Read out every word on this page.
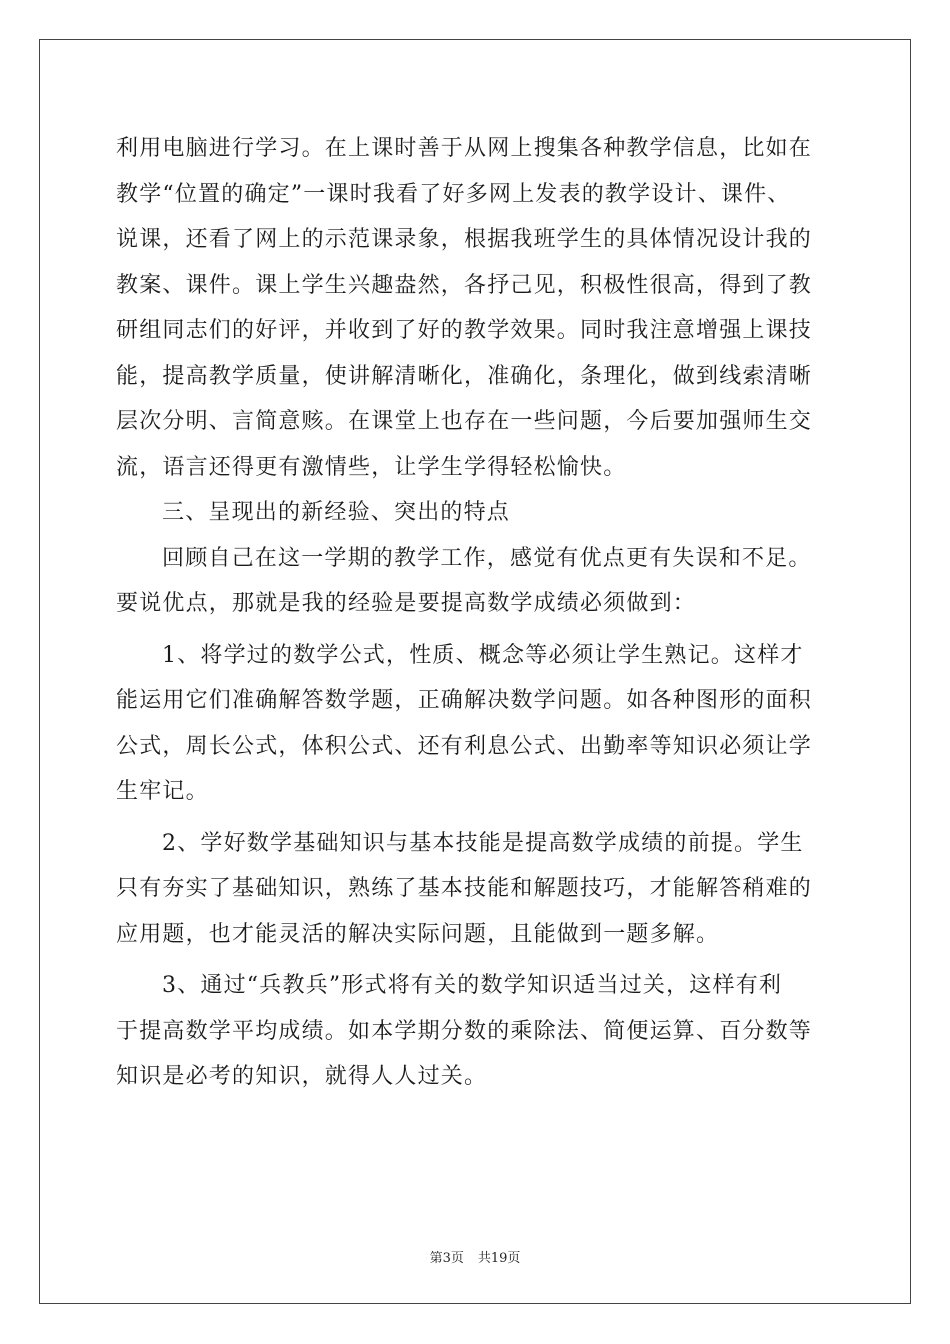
利用电脑进行学习。在上课时善于从网上搜集各种教学信息，比如在
教学“位置的确定”一课时我看了好多网上发表的教学设计、课件、
说课，还看了网上的示范课录象，根据我班学生的具体情况设计我的
教案、课件。课上学生兴趣盎然，各抒己见，积极性很高，得到了教
研组同志们的好评，并收到了好的教学效果。同时我注意增强上课技
能，提高教学质量，使讲解清晰化，准确化，条理化，做到线索清晰
层次分明、言简意赅。在课堂上也存在一些问题，今后要加强师生交
流，语言还得更有激情些，让学生学得轻松愉快。
三、呈现出的新经验、突出的特点
回顾自己在这一学期的教学工作，感觉有优点更有失误和不足。
要说优点，那就是我的经验是要提高数学成绩必须做到：
1、将学过的数学公式，性质、概念等必须让学生熟记。这样才
能运用它们准确解答数学题，正确解决数学问题。如各种图形的面积
公式，周长公式，体积公式、还有利息公式、出勤率等知识必须让学
生牢记。
2、学好数学基础知识与基本技能是提高数学成绩的前提。学生
只有夯实了基础知识，熟练了基本技能和解题技巧，才能解答稍难的
应用题，也才能灵活的解决实际问题，且能做到一题多解。
3、通过“兵教兵”形式将有关的数学知识适当过关，这样有利
于提高数学平均成绩。如本学期分数的乘除法、简便运算、百分数等
知识是必考的知识，就得人人过关。
第3页 共19页
